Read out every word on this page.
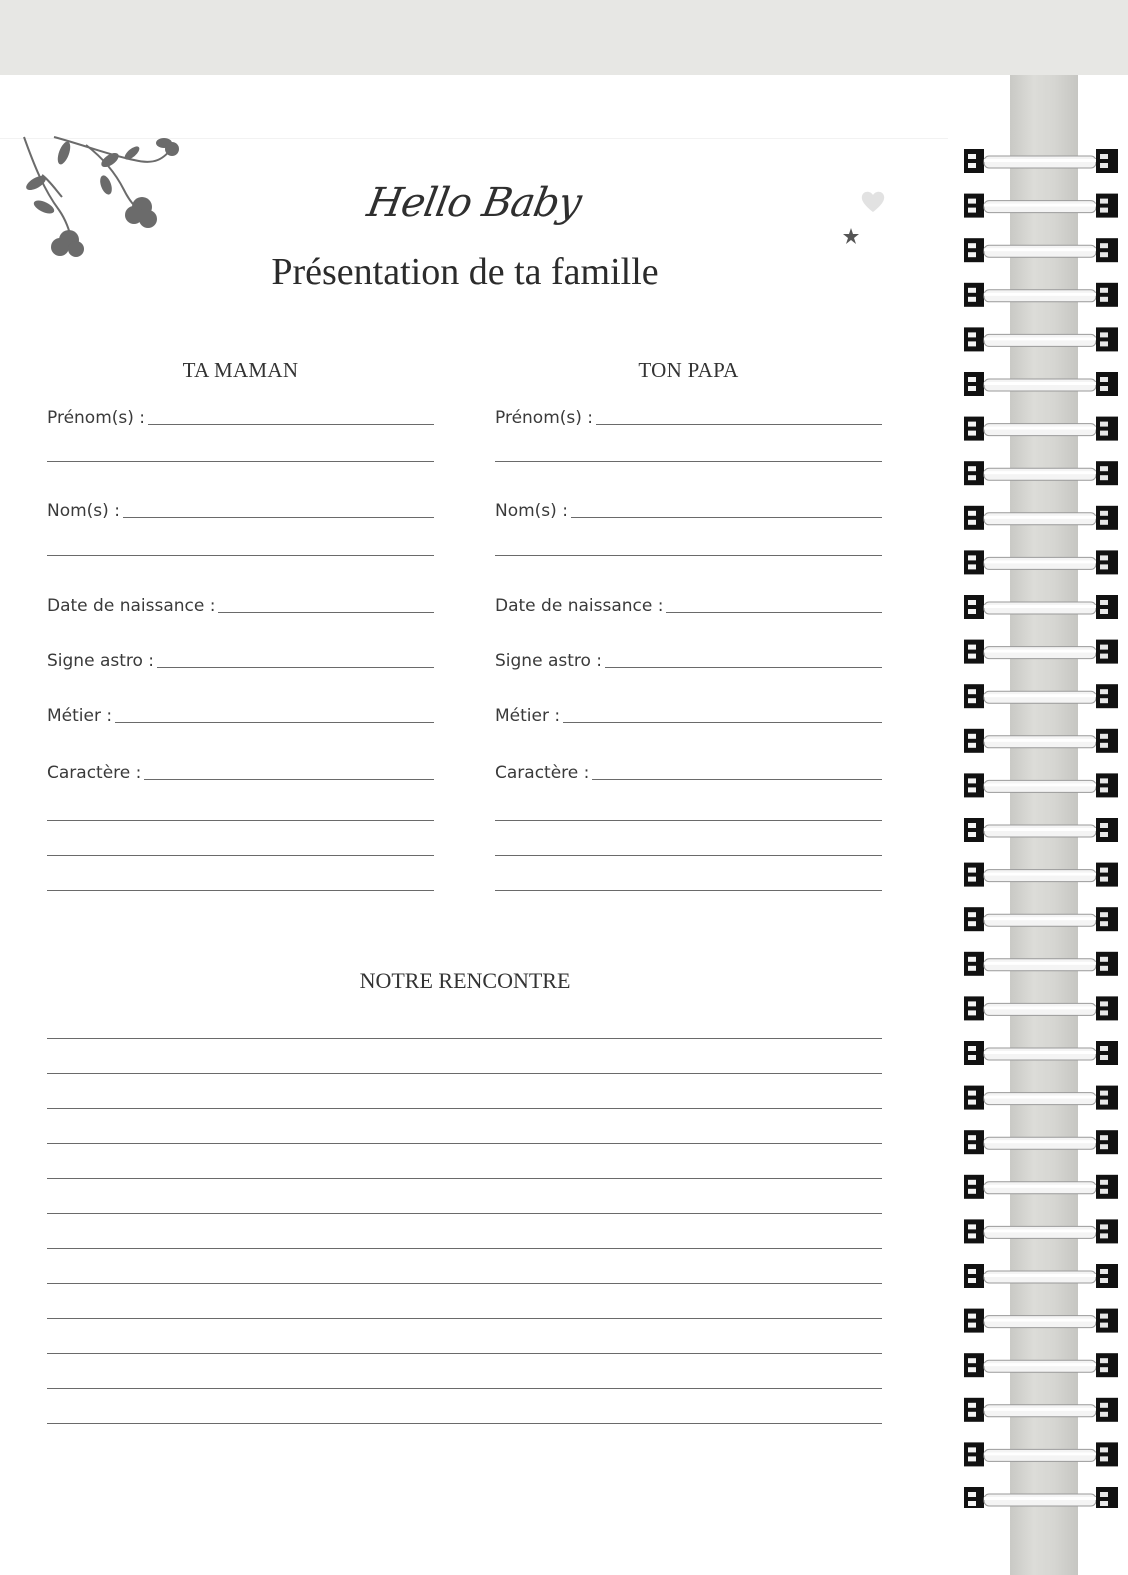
Hello Baby
Présentation de ta famille
TA MAMAN	TON PAPA
Prénom(s) :
Nom(s) :
Date de naissance :
Signe astro :
Métier :
Caractère :
Prénom(s) :
Nom(s) :
Date de naissance :
Signe astro :
Métier :
Caractère :
NOTRE RENCONTRE
